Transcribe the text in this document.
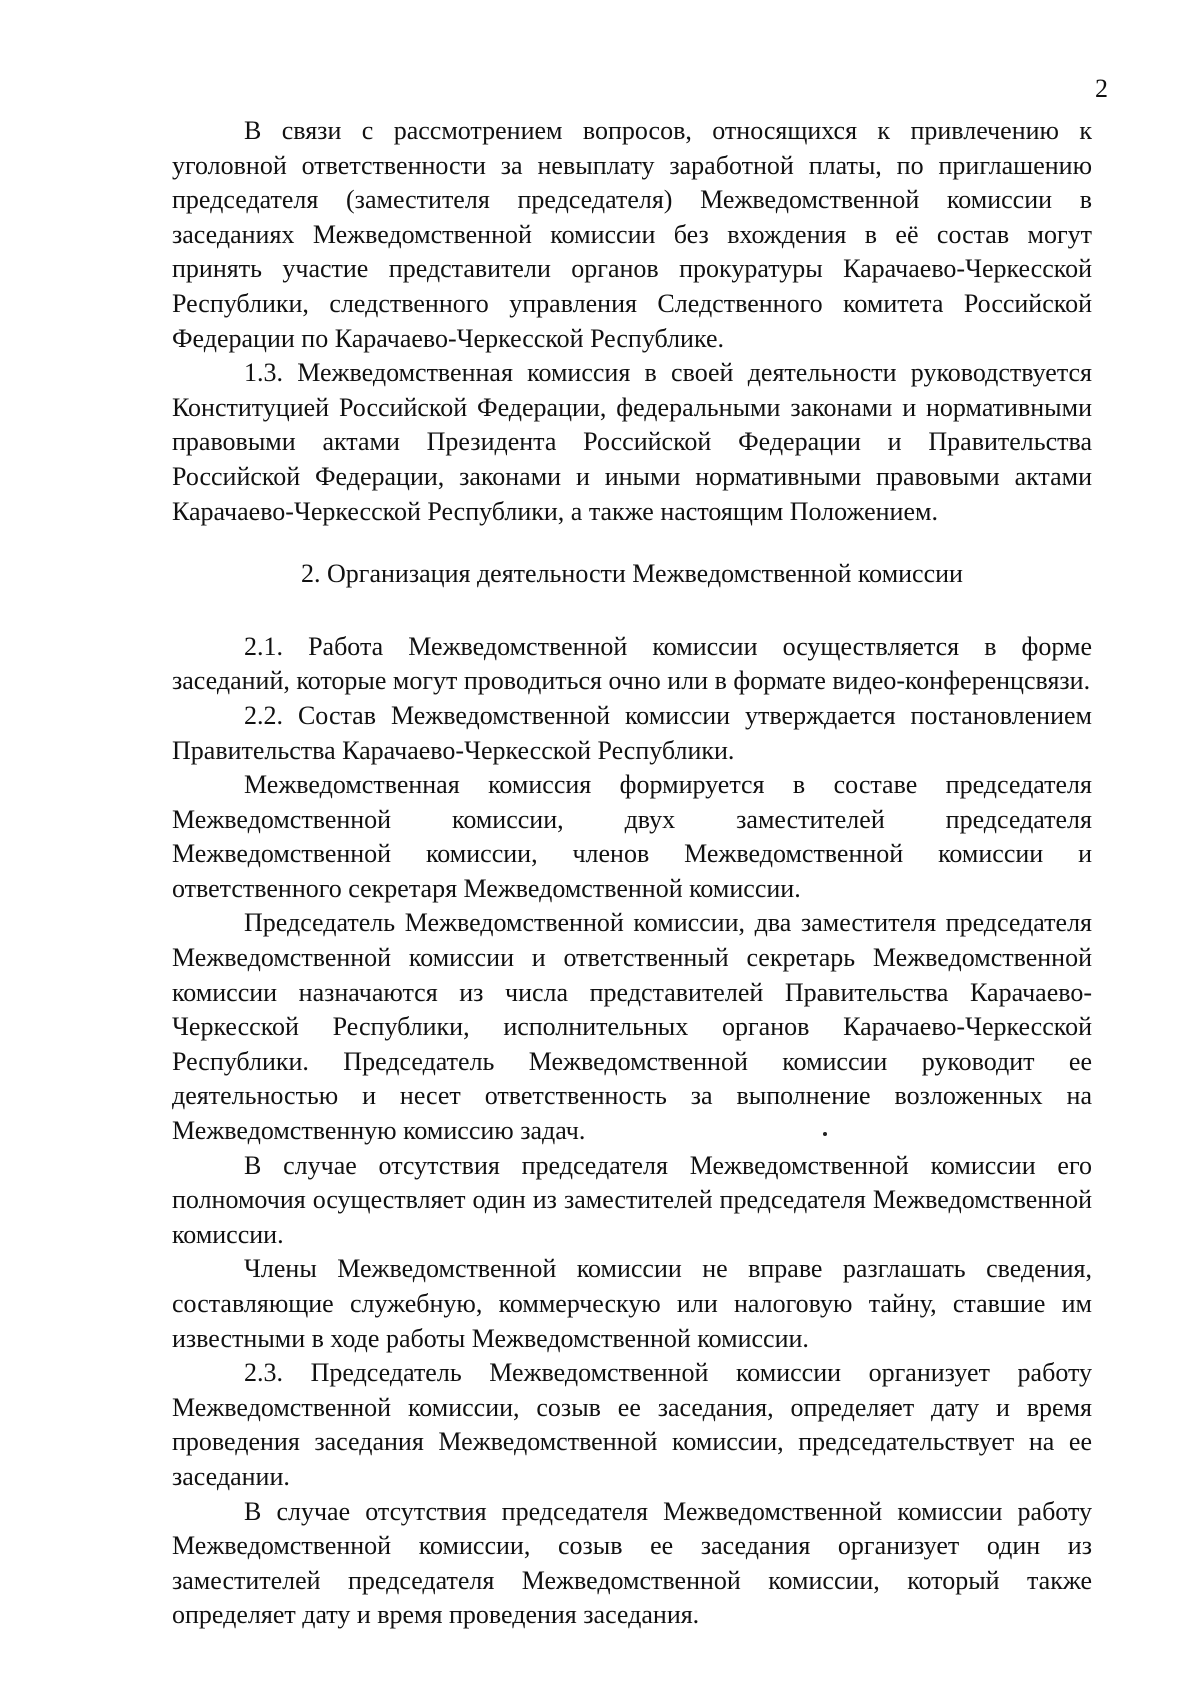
2

В связи с рассмотрением вопросов, относящихся к привлечению к уголовной ответственности за невыплату заработной платы, по приглашению председателя (заместителя председателя) Межведомственной комиссии в заседаниях Межведомственной комиссии без вхождения в её состав могут принять участие представители органов прокуратуры Карачаево-Черкесской Республики, следственного управления Следственного комитета Российской Федерации по Карачаево-Черкесской Республике.

1.3. Межведомственная комиссия в своей деятельности руководствуется Конституцией Российской Федерации, федеральными законами и нормативными правовыми актами Президента Российской Федерации и Правительства Российской Федерации, законами и иными нормативными правовыми актами Карачаево-Черкесской Республики, а также настоящим Положением.

2. Организация деятельности Межведомственной комиссии

2.1. Работа Межведомственной комиссии осуществляется в форме заседаний, которые могут проводиться очно или в формате видео-конференцсвязи.

2.2. Состав Межведомственной комиссии утверждается постановлением Правительства Карачаево-Черкесской Республики.

Межведомственная комиссия формируется в составе председателя Межведомственной комиссии, двух заместителей председателя Межведомственной комиссии, членов Межведомственной комиссии и ответственного секретаря Межведомственной комиссии.

Председатель Межведомственной комиссии, два заместителя председателя Межведомственной комиссии и ответственный секретарь Межведомственной комиссии назначаются из числа представителей Правительства Карачаево-Черкесской Республики, исполнительных органов Карачаево-Черкесской Республики. Председатель Межведомственной комиссии руководит ее деятельностью и несет ответственность за выполнение возложенных на Межведомственную комиссию задач.

В случае отсутствия председателя Межведомственной комиссии его полномочия осуществляет один из заместителей председателя Межведомственной комиссии.

Члены Межведомственной комиссии не вправе разглашать сведения, составляющие служебную, коммерческую или налоговую тайну, ставшие им известными в ходе работы Межведомственной комиссии.

2.3. Председатель Межведомственной комиссии организует работу Межведомственной комиссии, созыв ее заседания, определяет дату и время проведения заседания Межведомственной комиссии, председательствует на ее заседании.

В случае отсутствия председателя Межведомственной комиссии работу Межведомственной комиссии, созыв ее заседания организует один из заместителей председателя Межведомственной комиссии, который также определяет дату и время проведения заседания.
